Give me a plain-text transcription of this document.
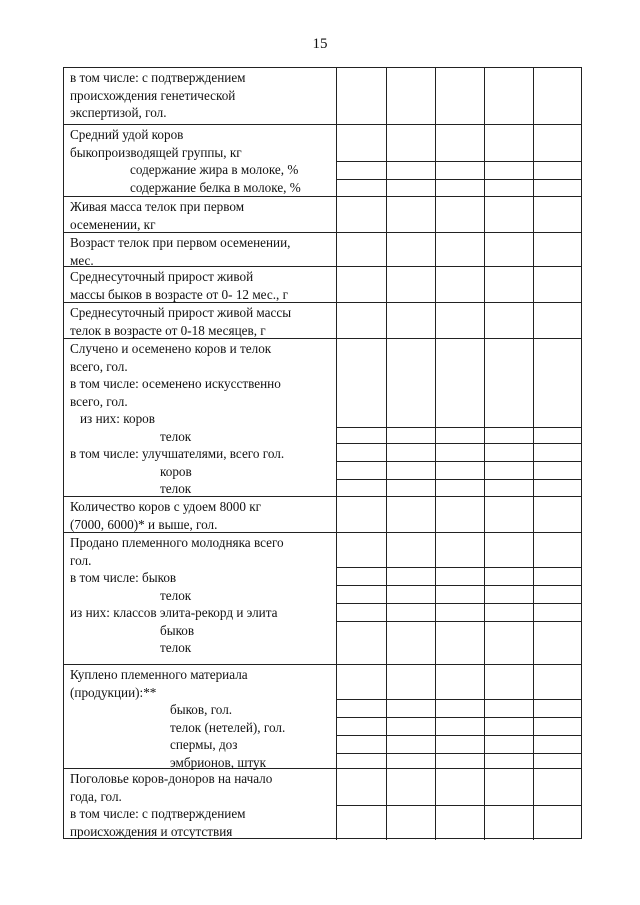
15
в том числе: с подтверждением
происхождения генетической
экспертизой, гол.
Средний удой коров
быкопроизводящей группы, кг
содержание жира в молоке, %
содержание белка в молоке, %
Живая масса телок при первом
осеменении, кг
Возраст телок при первом осеменении,
мес.
Среднесуточный прирост живой
массы быков в возрасте от 0- 12 мес., г
Среднесуточный прирост живой массы
телок в возрасте от 0-18 месяцев, г
Случено и осеменено коров и телок
всего, гол.
в том числе: осеменено искусственно
всего, гол.
из них: коров
телок
в том числе: улучшателями, всего гол.
коров
телок
Количество коров с удоем 8000 кг
(7000, 6000)* и выше, гол.
Продано племенного молодняка всего
гол.
в том числе: быков
телок
из них: классов элита-рекорд и элита
быков
телок
Куплено племенного материала
(продукции):**
быков, гол.
телок (нетелей), гол.
спермы, доз
эмбрионов, штук
Поголовье коров-доноров на начало
года, гол.
в том числе: с подтверждением
происхождения и отсутствия
